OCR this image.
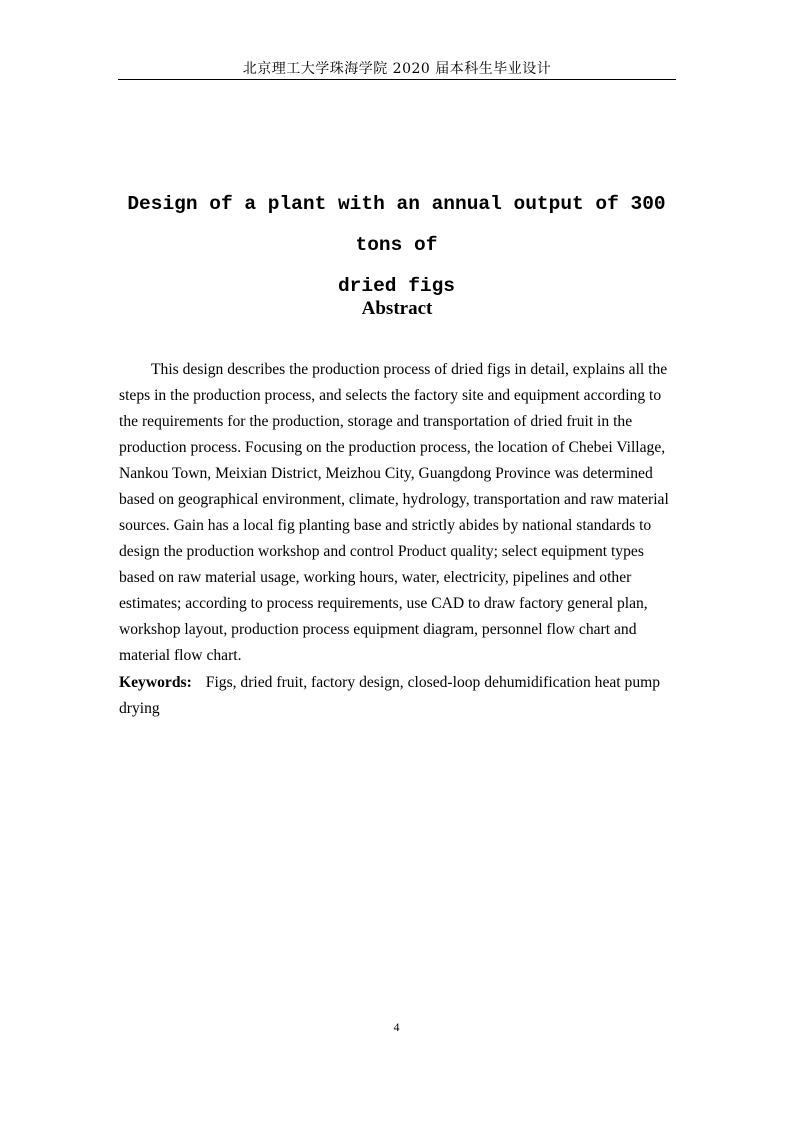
北京理工大学珠海学院 2020 届本科生毕业设计
Design of a plant with an annual output of 300 tons of
dried figs
Abstract

This design describes the production process of dried figs in detail, explains all the steps in the production process, and selects the factory site and equipment according to the requirements for the production, storage and transportation of dried fruit in the production process. Focusing on the production process, the location of Chebei Village, Nankou Town, Meixian District, Meizhou City, Guangdong Province was determined based on geographical environment, climate, hydrology, transportation and raw material sources. Gain has a local fig planting base and strictly abides by national standards to design the production workshop and control Product quality; select equipment types based on raw material usage, working hours, water, electricity, pipelines and other estimates; according to process requirements, use CAD to draw factory general plan, workshop layout, production process equipment diagram, personnel flow chart and material flow chart.

Keywords: Figs, dried fruit, factory design, closed-loop dehumidification heat pump drying

4
